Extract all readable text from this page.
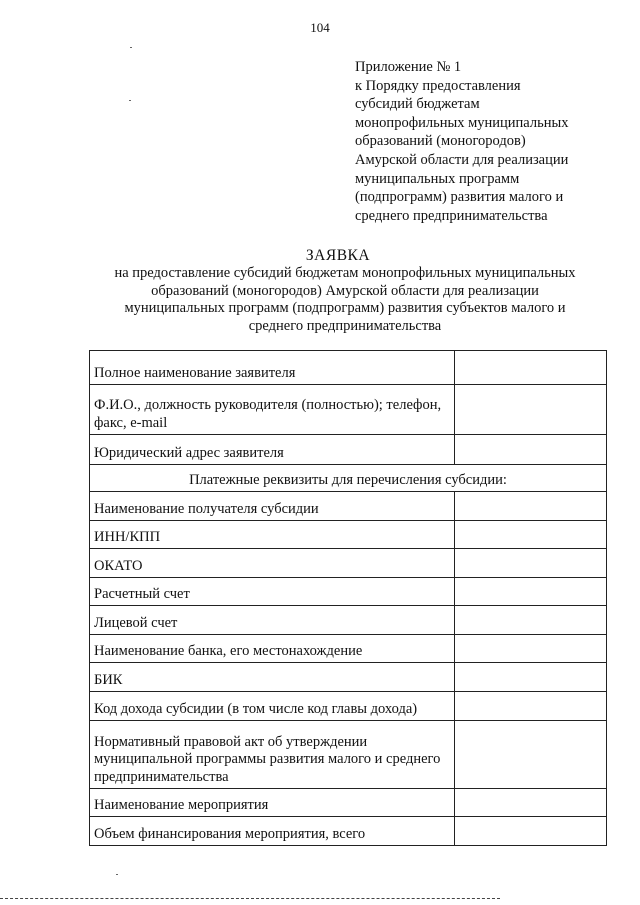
104
Приложение № 1
к Порядку предоставления
субсидий бюджетам
монопрофильных муниципальных
образований (моногородов)
Амурской области для реализации
муниципальных программ
(подпрограмм) развития малого и
среднего предпринимательства
ЗАЯВКА
на предоставление субсидий бюджетам монопрофильных муниципальных
образований (моногородов) Амурской области для реализации
муниципальных программ (подпрограмм) развития субъектов малого и
среднего предпринимательства
Полное наименование заявителя	
Ф.И.О., должность руководителя (полностью); телефон, факс, e-mail	
Юридический адрес заявителя	
Платежные реквизиты для перечисления субсидии:	
Наименование получателя субсидии	
ИНН/КПП	
ОКАТО	
Расчетный счет	
Лицевой счет	
Наименование банка, его местонахождение	
БИК	
Код дохода субсидии (в том числе код главы дохода)	
Нормативный правовой акт об утверждении муниципальной программы развития малого и среднего предпринимательства	
Наименование мероприятия	
Объем финансирования мероприятия, всего	
